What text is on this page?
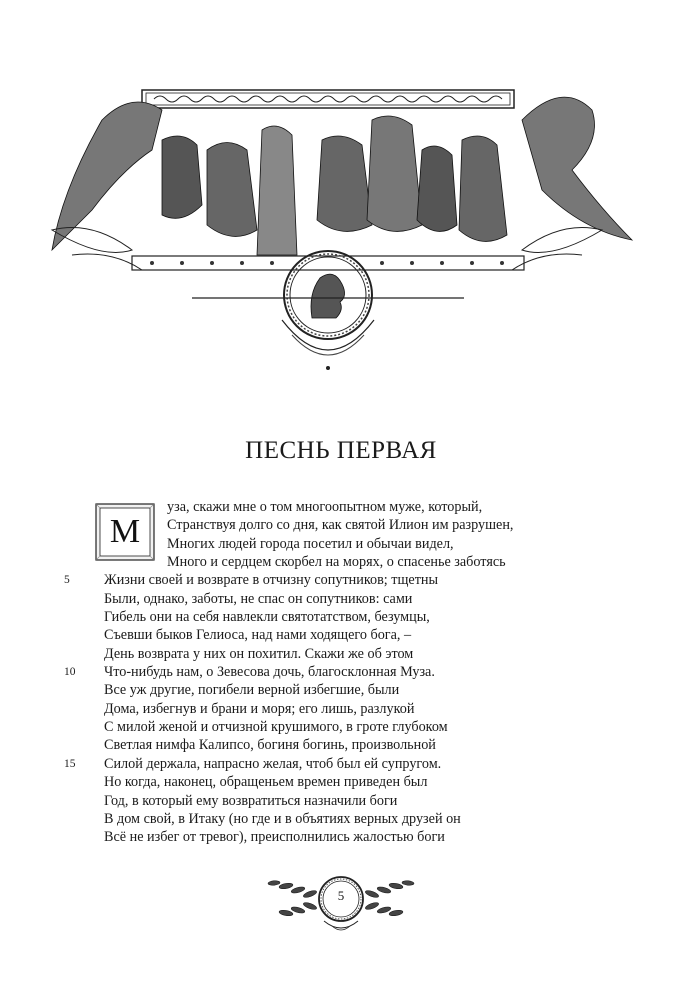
ПЕСНЬ ПЕРВАЯ
М
уза, скажи мне о том многоопытном муже, который,
Странствуя долго со дня, как святой Илион им разрушен,
Многих людей города посетил и обычаи видел,
Много и сердцем скорбел на морях, о спасенье заботясь
5	Жизни своей и возврате в отчизну сопутников; тщетны
Были, однако, заботы, не спас он сопутников: сами
Гибель они на себя навлекли святотатством, безумцы,
Съевши быков Гелиоса, над нами ходящего бога, –
День возврата у них он похитил. Скажи же об этом
10	Что-нибудь нам, о Зевесова дочь, благосклонная Муза.
Все уж другие, погибели верной избегшие, были
Дома, избегнув и брани и моря; его лишь, разлукой
С милой женой и отчизной крушимого, в гроте глубоком
Светлая нимфа Калипсо, богиня богинь, произвольной
15	Силой держала, напрасно желая, чтоб был ей супругом.
Но когда, наконец, обращеньем времен приведен был
Год, в который ему возвратиться назначили боги
В дом свой, в Итаку (но где и в объятиях верных друзей он
Всё не избег от тревог), преисполнились жалостью боги
5
